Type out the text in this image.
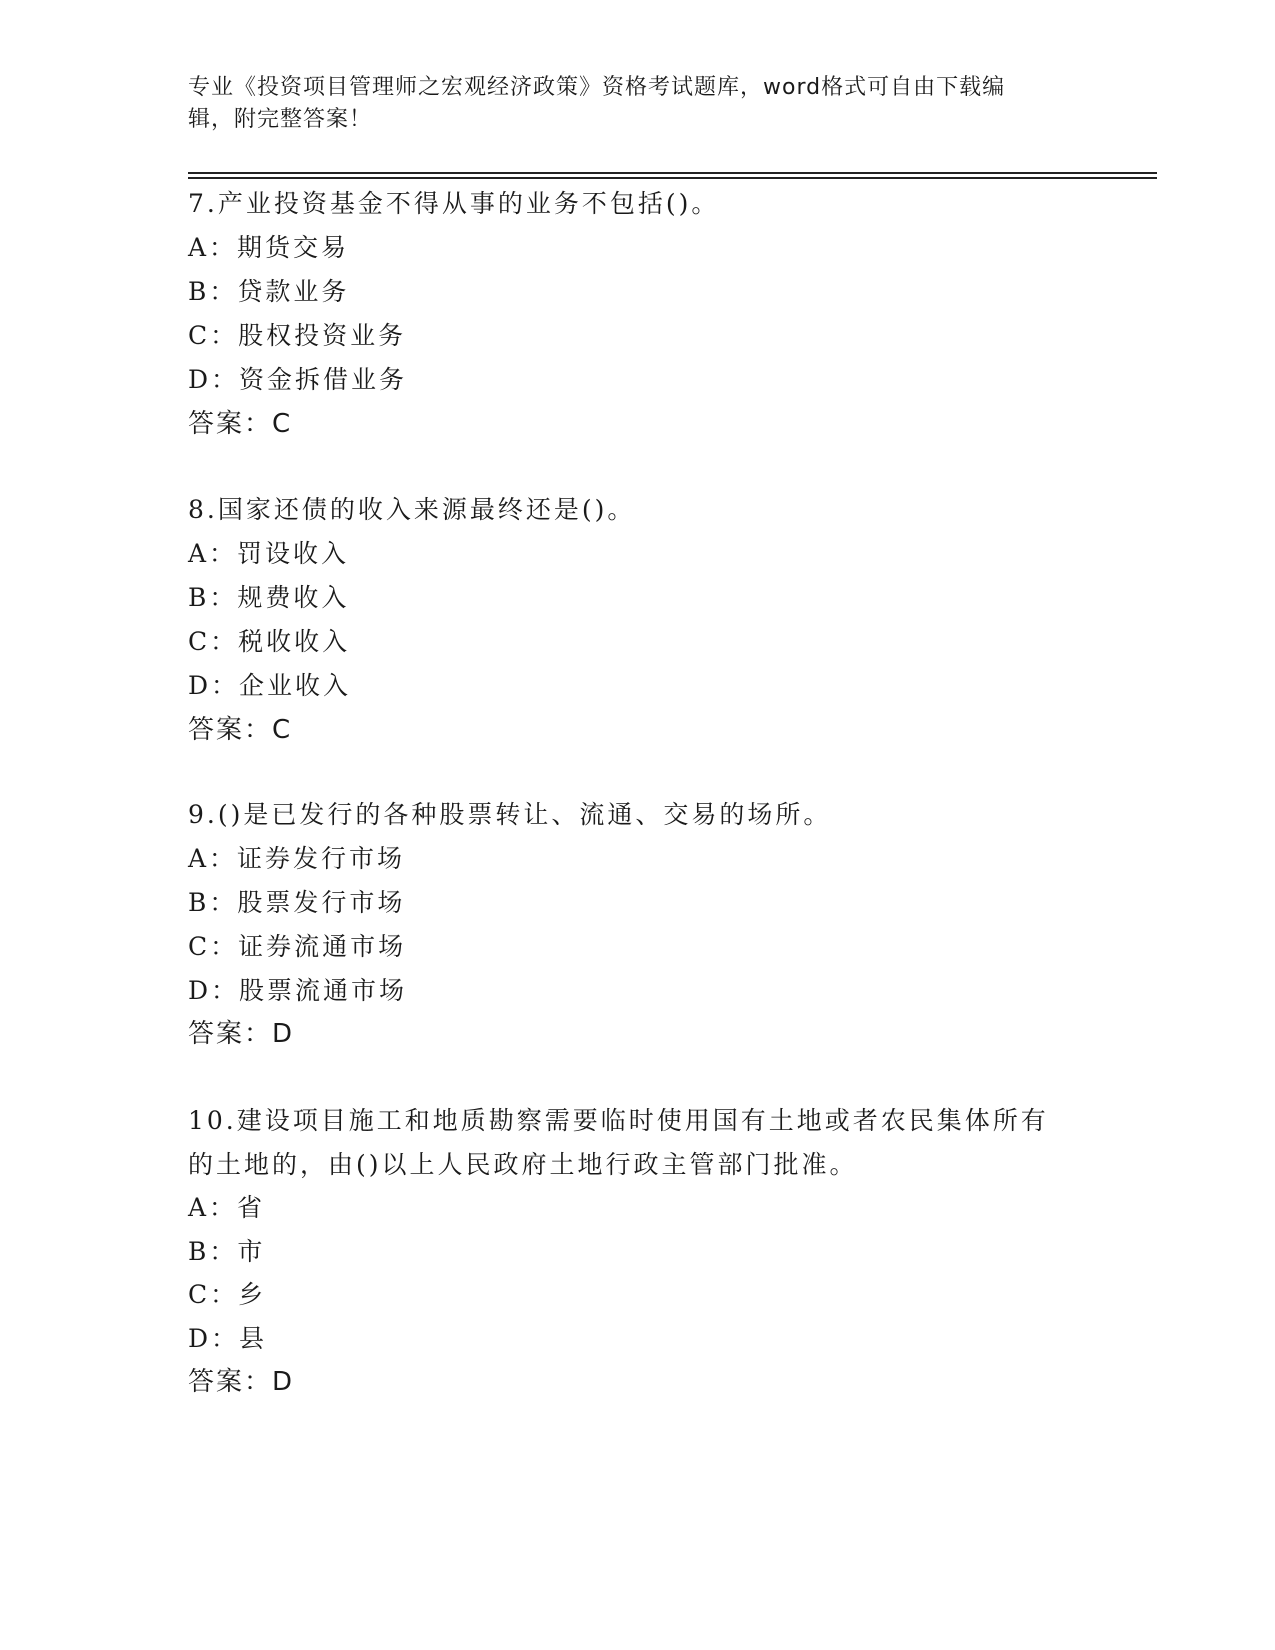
专业《投资项目管理师之宏观经济政策》资格考试题库，word格式可自由下载编
辑，附完整答案！
7.产业投资基金不得从事的业务不包括()。
A：期货交易
B：贷款业务
C：股权投资业务
D：资金拆借业务
答案：C
8.国家还债的收入来源最终还是()。
A：罚设收入
B：规费收入
C：税收收入
D：企业收入
答案：C
9.()是已发行的各种股票转让、流通、交易的场所。
A：证券发行市场
B：股票发行市场
C：证券流通市场
D：股票流通市场
答案：D
10.建设项目施工和地质勘察需要临时使用国有土地或者农民集体所有
的土地的，由()以上人民政府土地行政主管部门批准。
A：省
B：市
C：乡
D：县
答案：D
